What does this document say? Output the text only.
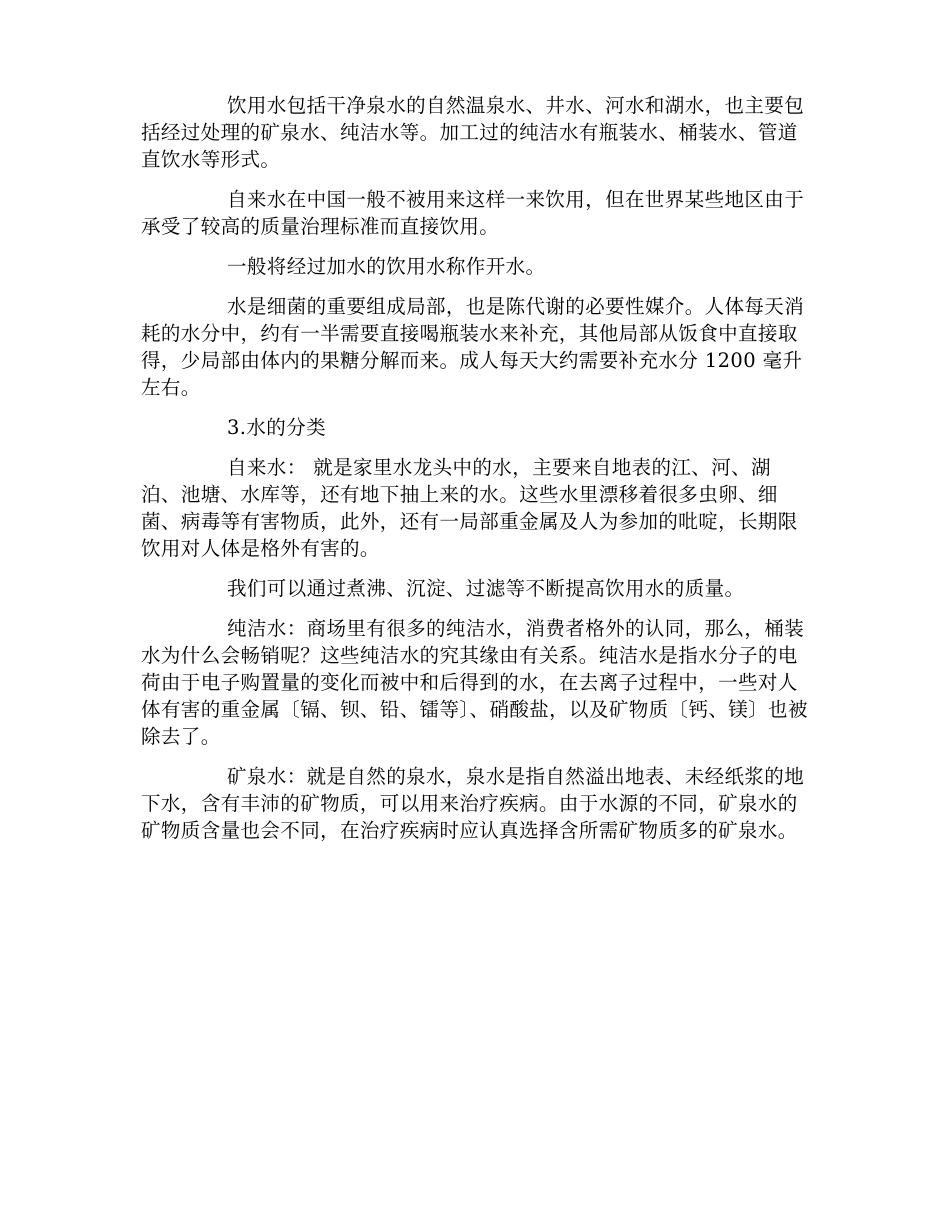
饮用水包括干净泉水的自然温泉水、井水、河水和湖水，也主要包括经过处理的矿泉水、纯洁水等。加工过的纯洁水有瓶装水、桶装水、管道直饮水等形式。

自来水在中国一般不被用来这样一来饮用，但在世界某些地区由于承受了较高的质量治理标准而直接饮用。

一般将经过加水的饮用水称作开水。

水是细菌的重要组成局部，也是陈代谢的必要性媒介。人体每天消耗的水分中，约有一半需要直接喝瓶装水来补充，其他局部从饭食中直接取得，少局部由体内的果糖分解而来。成人每天大约需要补充水分 1200 毫升左右。

3.水的分类

自来水： 就是家里水龙头中的水，主要来自地表的江、河、湖泊、池塘、水库等，还有地下抽上来的水。这些水里漂移着很多虫卵、细菌、病毒等有害物质，此外，还有一局部重金属及人为参加的吡啶，长期限饮用对人体是格外有害的。

我们可以通过煮沸、沉淀、过滤等不断提高饮用水的质量。

纯洁水：商场里有很多的纯洁水，消费者格外的认同，那么，桶装水为什么会畅销呢？这些纯洁水的究其缘由有关系。纯洁水是指水分子的电荷由于电子购置量的变化而被中和后得到的水，在去离子过程中，一些对人体有害的重金属〔镉、钡、铅、镭等〕、硝酸盐，以及矿物质〔钙、镁〕也被除去了。

矿泉水：就是自然的泉水，泉水是指自然溢出地表、未经纸浆的地下水，含有丰沛的矿物质，可以用来治疗疾病。由于水源的不同，矿泉水的矿物质含量也会不同，在治疗疾病时应认真选择含所需矿物质多的矿泉水。
